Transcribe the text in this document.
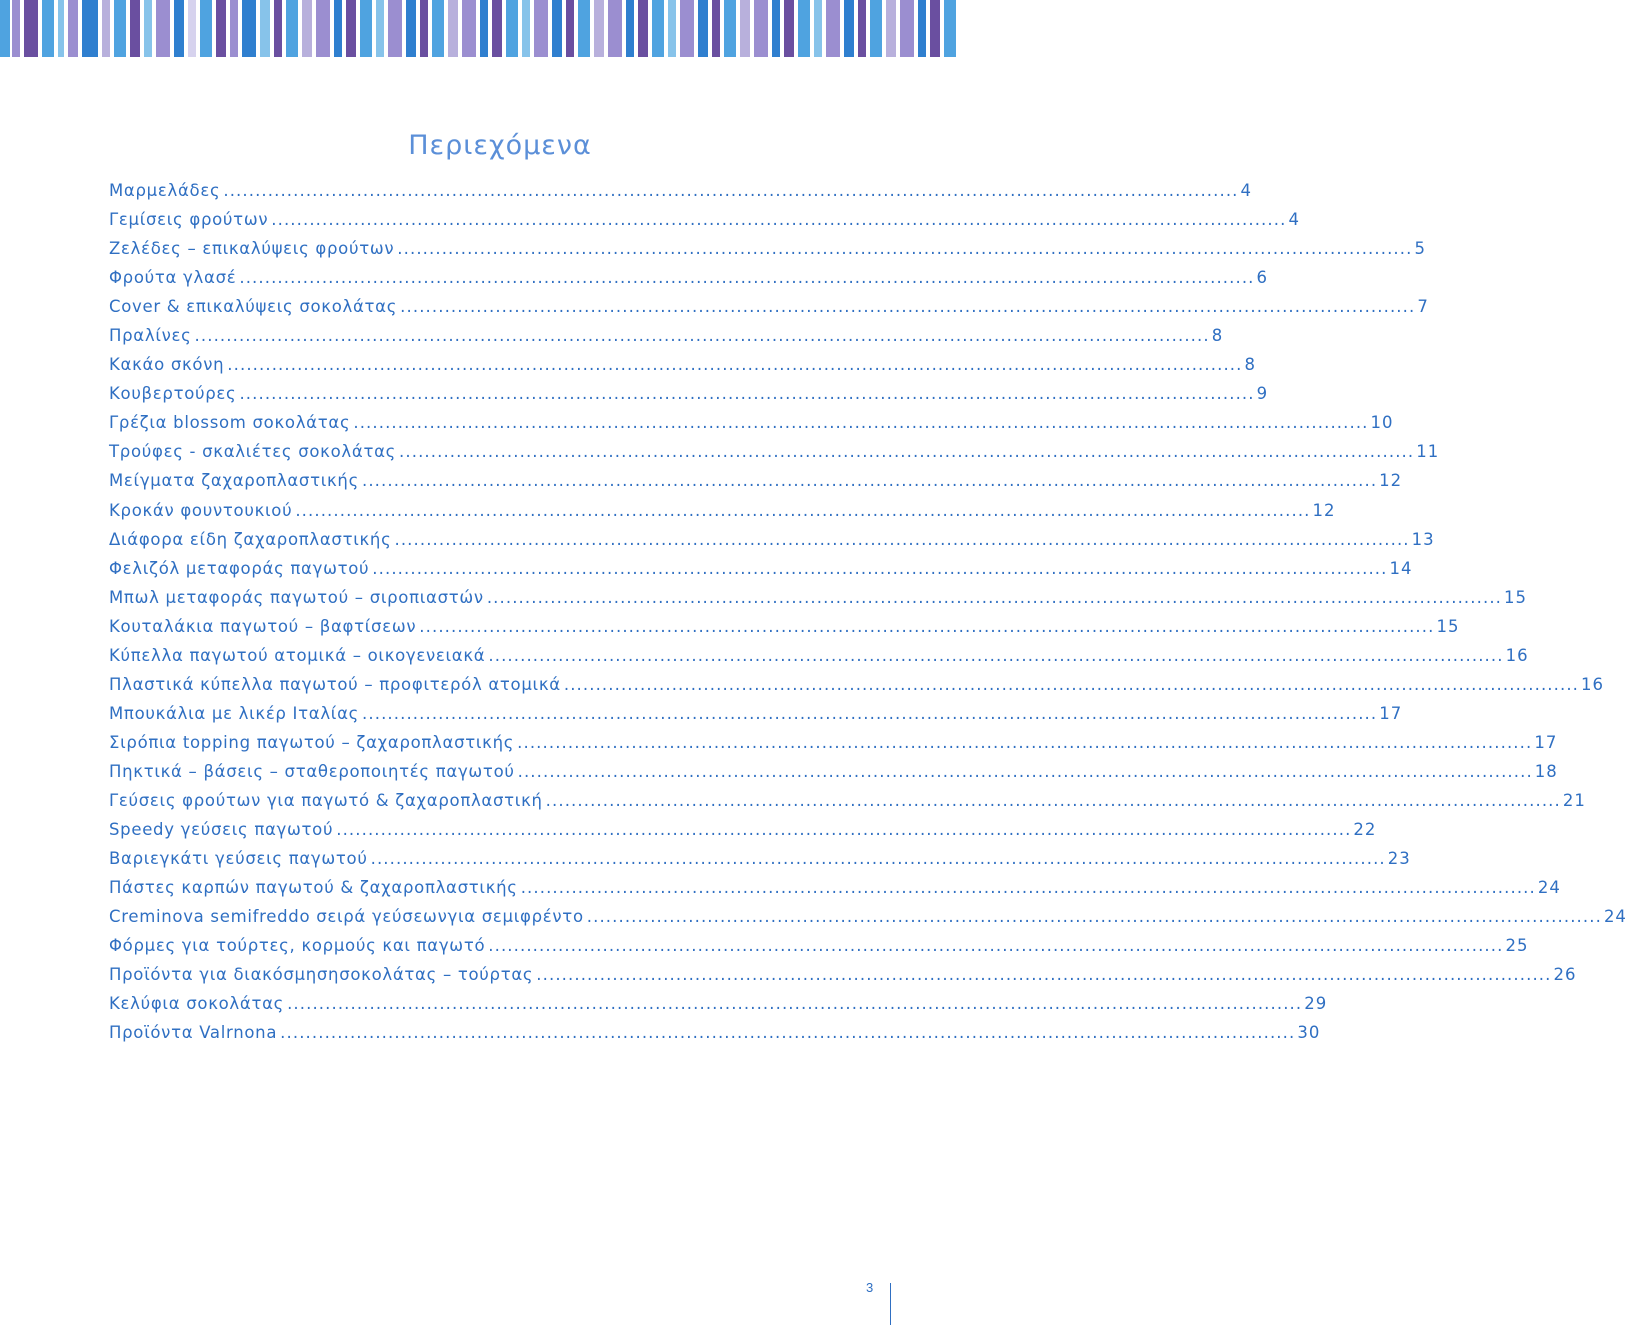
Περιεχόμενα
Μαρμελάδες ................................................................................................................................................................ 4
Γεμίσεις φρούτων ................................................................................................................................................................ 4
Ζελέδες – επικαλύψεις φρούτων ................................................................................................................................................................ 5
Φρούτα γλασέ ................................................................................................................................................................ 6
Cover & επικαλύψεις σοκολάτας ................................................................................................................................................................ 7
Πραλίνες ................................................................................................................................................................ 8
Κακάο σκόνη ................................................................................................................................................................ 8
Κουβερτούρες ................................................................................................................................................................ 9
Γρέζια blossom σοκολάτας ................................................................................................................................................................ 10
Τρούφες - σκαλιέτες σοκολάτας ................................................................................................................................................................ 11
Μείγματα ζαχαροπλαστικής ................................................................................................................................................................ 12
Κροκάν φουντουκιού ................................................................................................................................................................ 12
Διάφορα είδη ζαχαροπλαστικής ................................................................................................................................................................ 13
Φελιζόλ μεταφοράς παγωτού ................................................................................................................................................................ 14
Μπωλ μεταφοράς παγωτού – σιροπιαστών ................................................................................................................................................................ 15
Κουταλάκια παγωτού – βαφτίσεων ................................................................................................................................................................ 15
Κύπελλα παγωτού ατομικά – οικογενειακά ................................................................................................................................................................ 16
Πλαστικά κύπελλα παγωτού – προφιτερόλ ατομικά ................................................................................................................................................................ 16
Μπουκάλια με λικέρ Ιταλίας ................................................................................................................................................................ 17
Σιρόπια topping παγωτού – ζαχαροπλαστικής ................................................................................................................................................................ 17
Πηκτικά – βάσεις – σταθεροποιητές παγωτού ................................................................................................................................................................ 18
Γεύσεις φρούτων για παγωτό & ζαχαροπλαστική ................................................................................................................................................................ 21
Speedy γεύσεις παγωτού ................................................................................................................................................................ 22
Βαριεγκάτι γεύσεις παγωτού ................................................................................................................................................................ 23
Πάστες καρπών παγωτού & ζαχαροπλαστικής ................................................................................................................................................................ 24
Creminova semifreddo σειρά γεύσεωνγια σεμιφρέντο ................................................................................................................................................................ 24
Φόρμες για τούρτες, κορμούς και παγωτό ................................................................................................................................................................ 25
Προϊόντα για διακόσμησησοκολάτας – τούρτας ................................................................................................................................................................ 26
Κελύφια σοκολάτας ................................................................................................................................................................ 29
Προϊόντα Valrnona ................................................................................................................................................................ 30
3
